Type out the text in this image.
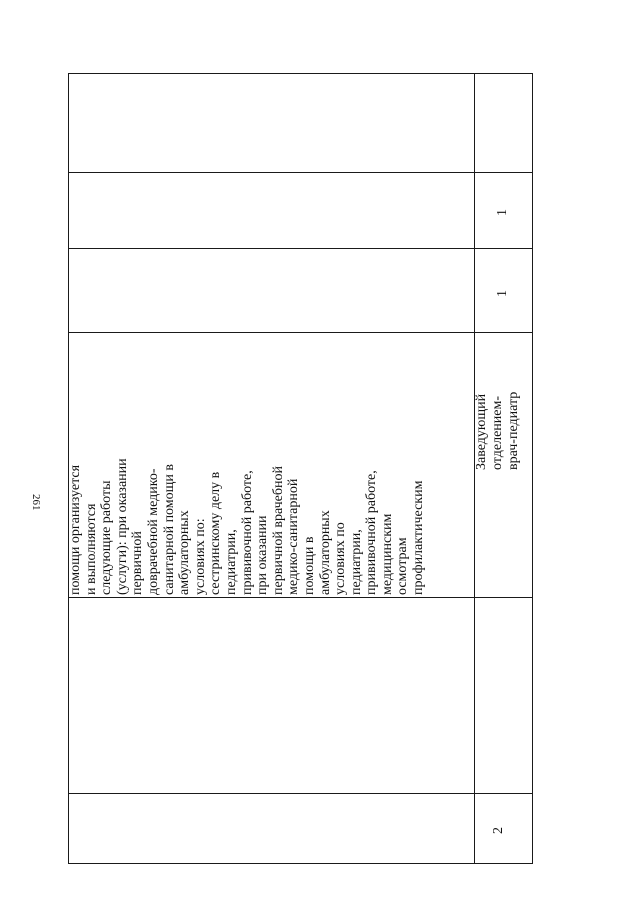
261 помощи организуется и выполняются следующие работы (услуги): при оказании первичной доврачебной медико- санитарной помощи в амбулаторных условиях по: сестринскому делу в педиатрии, прививочной работе, при оказании первичной врачебной медико-санитарной помощи в амбулаторных условиях по педиатрии, прививочной работе, медицинским осмотрам профилактическим
Заведующий отделением- врач-педиатр
2
1
1
